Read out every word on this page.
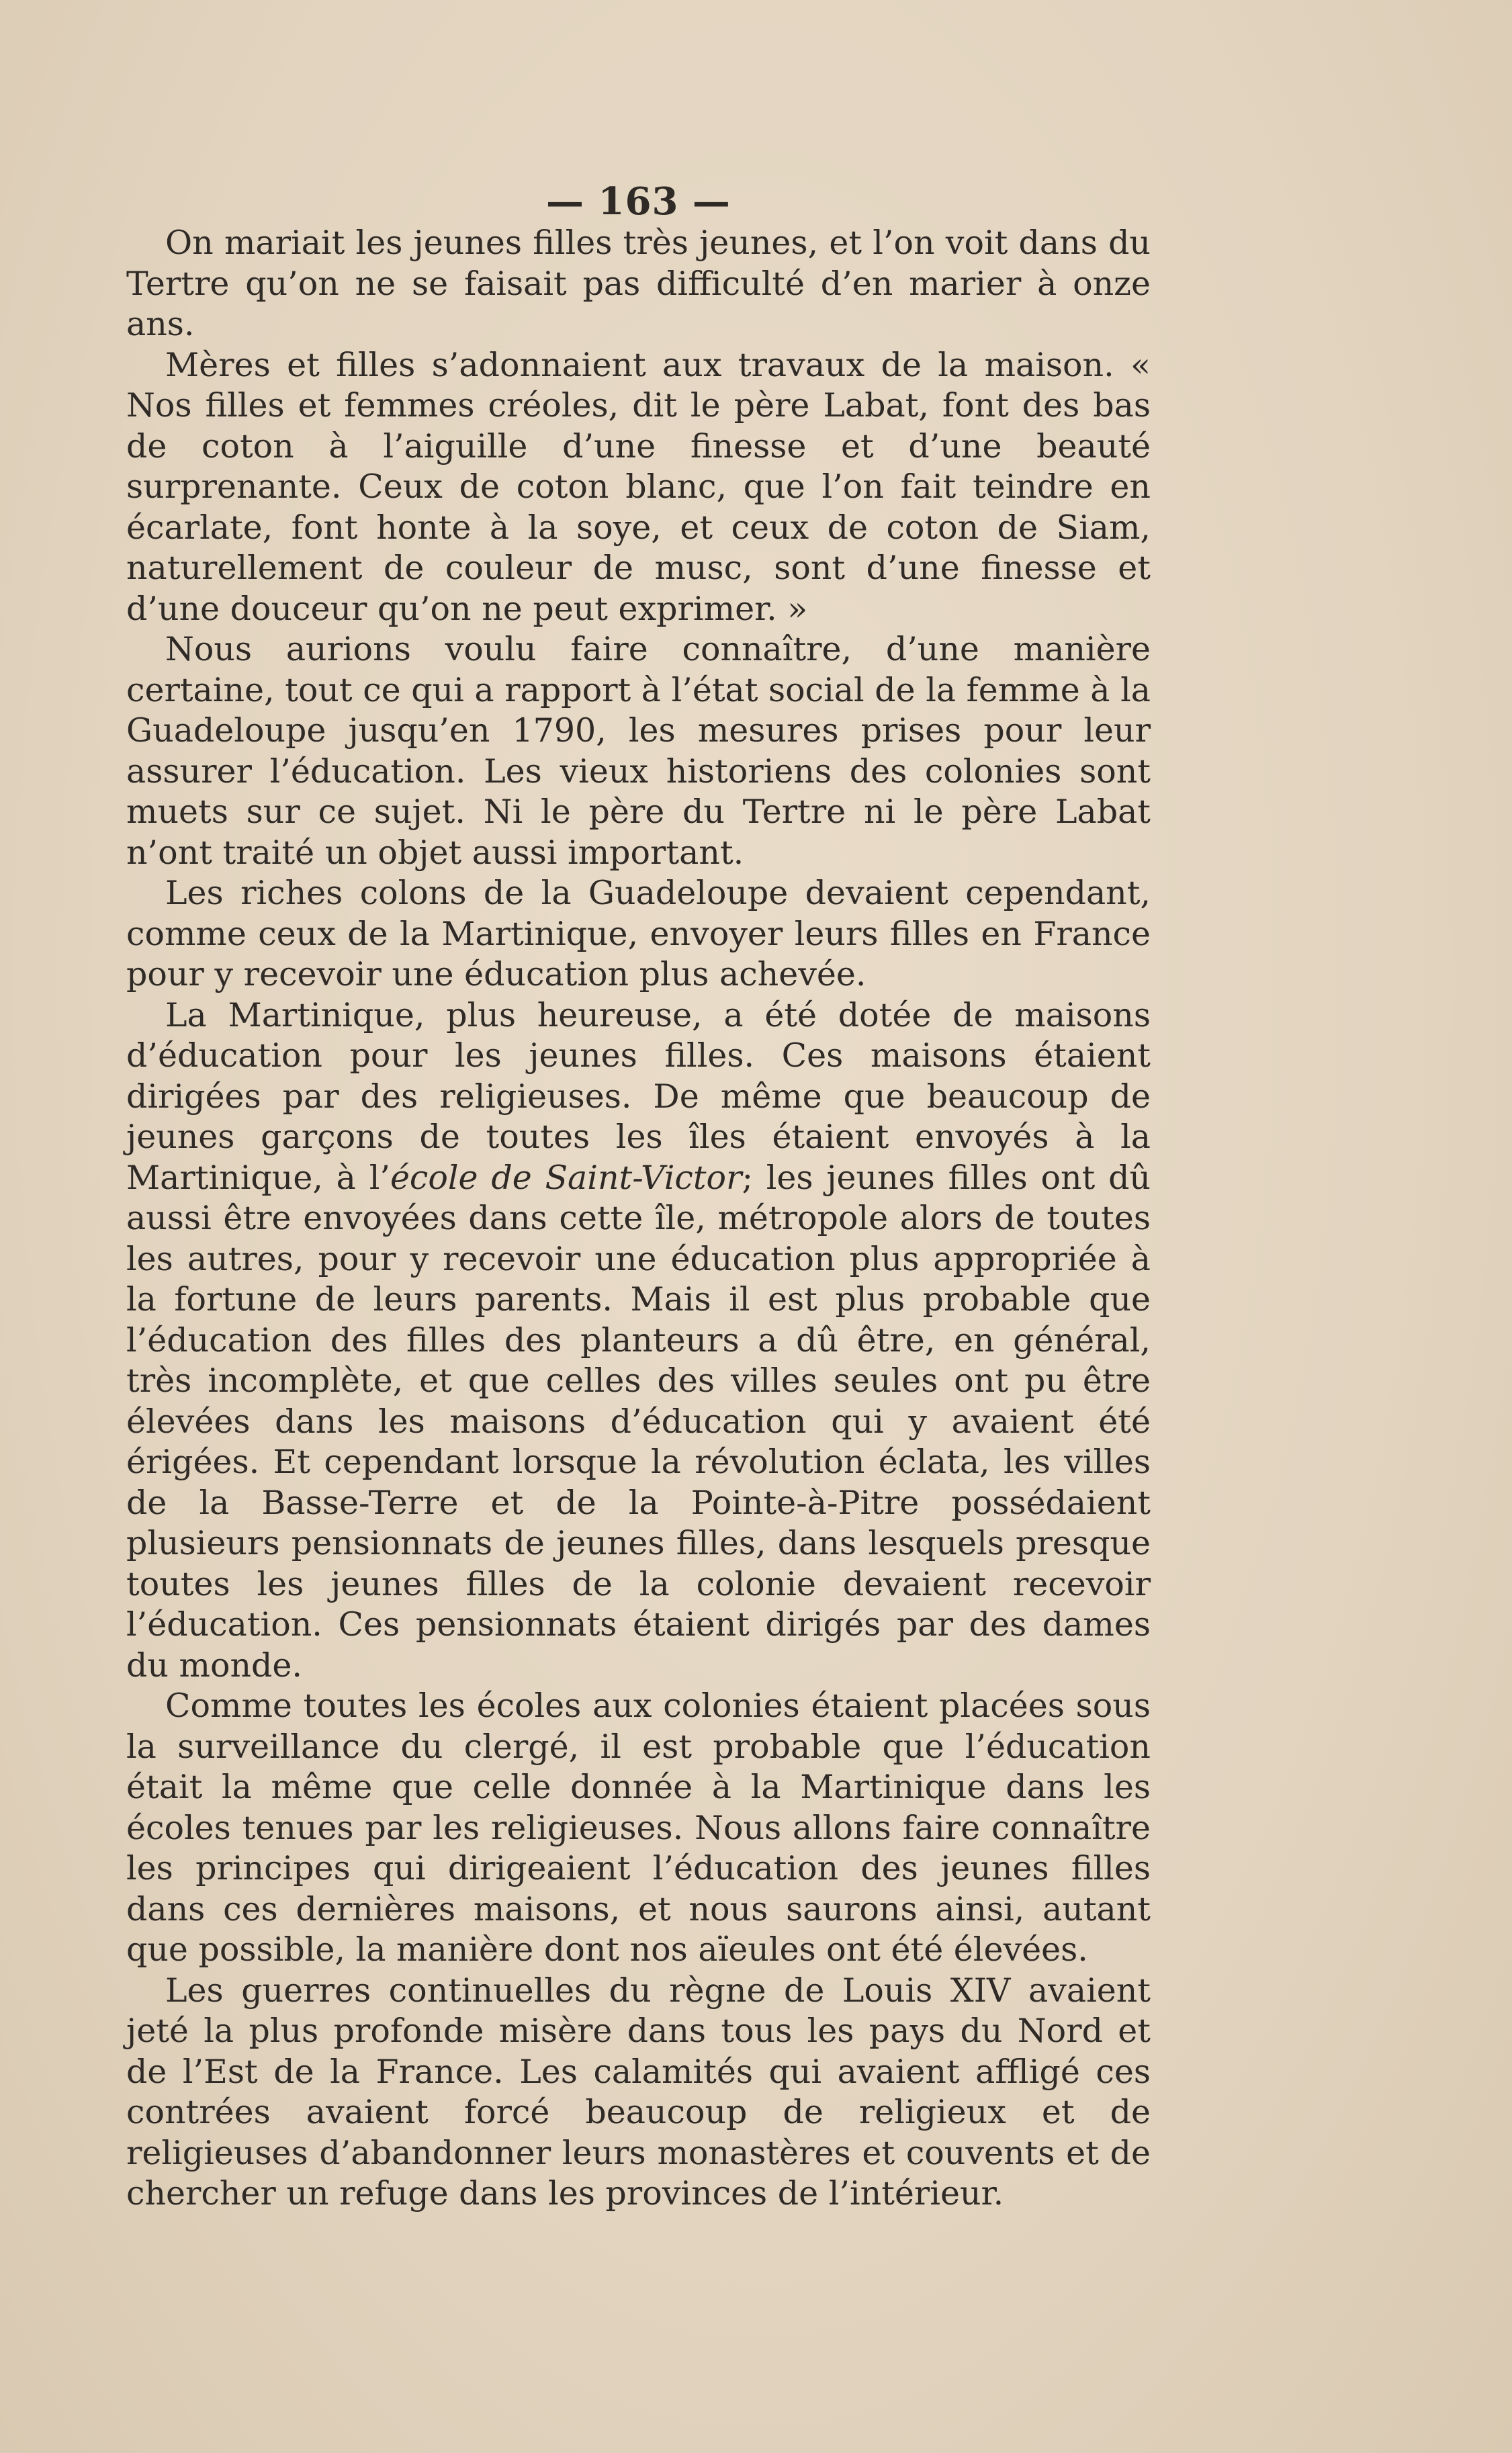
— 163 —

On mariait les jeunes filles très jeunes, et l’on voit dans du Tertre qu’on ne se faisait pas difficulté d’en marier à onze ans.

Mères et filles s’adonnaient aux travaux de la maison. « Nos filles et femmes créoles, dit le père Labat, font des bas de coton à l’aiguille d’une finesse et d’une beauté surprenante. Ceux de coton blanc, que l’on fait teindre en écarlate, font honte à la soye, et ceux de coton de Siam, naturellement de couleur de musc, sont d’une finesse et d’une douceur qu’on ne peut exprimer. »

Nous aurions voulu faire connaître, d’une manière certaine, tout ce qui a rapport à l’état social de la femme à la Guadeloupe jusqu’en 1790, les mesures prises pour leur assurer l’éducation. Les vieux historiens des colonies sont muets sur ce sujet. Ni le père du Tertre ni le père Labat n’ont traité un objet aussi important.

Les riches colons de la Guadeloupe devaient cependant, comme ceux de la Martinique, envoyer leurs filles en France pour y recevoir une éducation plus achevée.

La Martinique, plus heureuse, a été dotée de maisons d’éducation pour les jeunes filles. Ces maisons étaient dirigées par des religieuses. De même que beaucoup de jeunes garçons de toutes les îles étaient envoyés à la Martinique, à l’école de Saint-Victor; les jeunes filles ont dû aussi être envoyées dans cette île, métropole alors de toutes les autres, pour y recevoir une éducation plus appropriée à la fortune de leurs parents. Mais il est plus probable que l’éducation des filles des planteurs a dû être, en général, très incomplète, et que celles des villes seules ont pu être élevées dans les maisons d’éducation qui y avaient été érigées. Et cependant lorsque la révolution éclata, les villes de la Basse-Terre et de la Pointe-à-Pitre possédaient plusieurs pensionnats de jeunes filles, dans lesquels presque toutes les jeunes filles de la colonie devaient recevoir l’éducation. Ces pensionnats étaient dirigés par des dames du monde.

Comme toutes les écoles aux colonies étaient placées sous la surveillance du clergé, il est probable que l’éducation était la même que celle donnée à la Martinique dans les écoles tenues par les religieuses. Nous allons faire connaître les principes qui dirigeaient l’éducation des jeunes filles dans ces dernières maisons, et nous saurons ainsi, autant que possible, la manière dont nos aïeules ont été élevées.

Les guerres continuelles du règne de Louis XIV avaient jeté la plus profonde misère dans tous les pays du Nord et de l’Est de la France. Les calamités qui avaient affligé ces contrées avaient forcé beaucoup de religieux et de religieuses d’abandonner leurs monastères et couvents et de chercher un refuge dans les provinces de l’intérieur.
